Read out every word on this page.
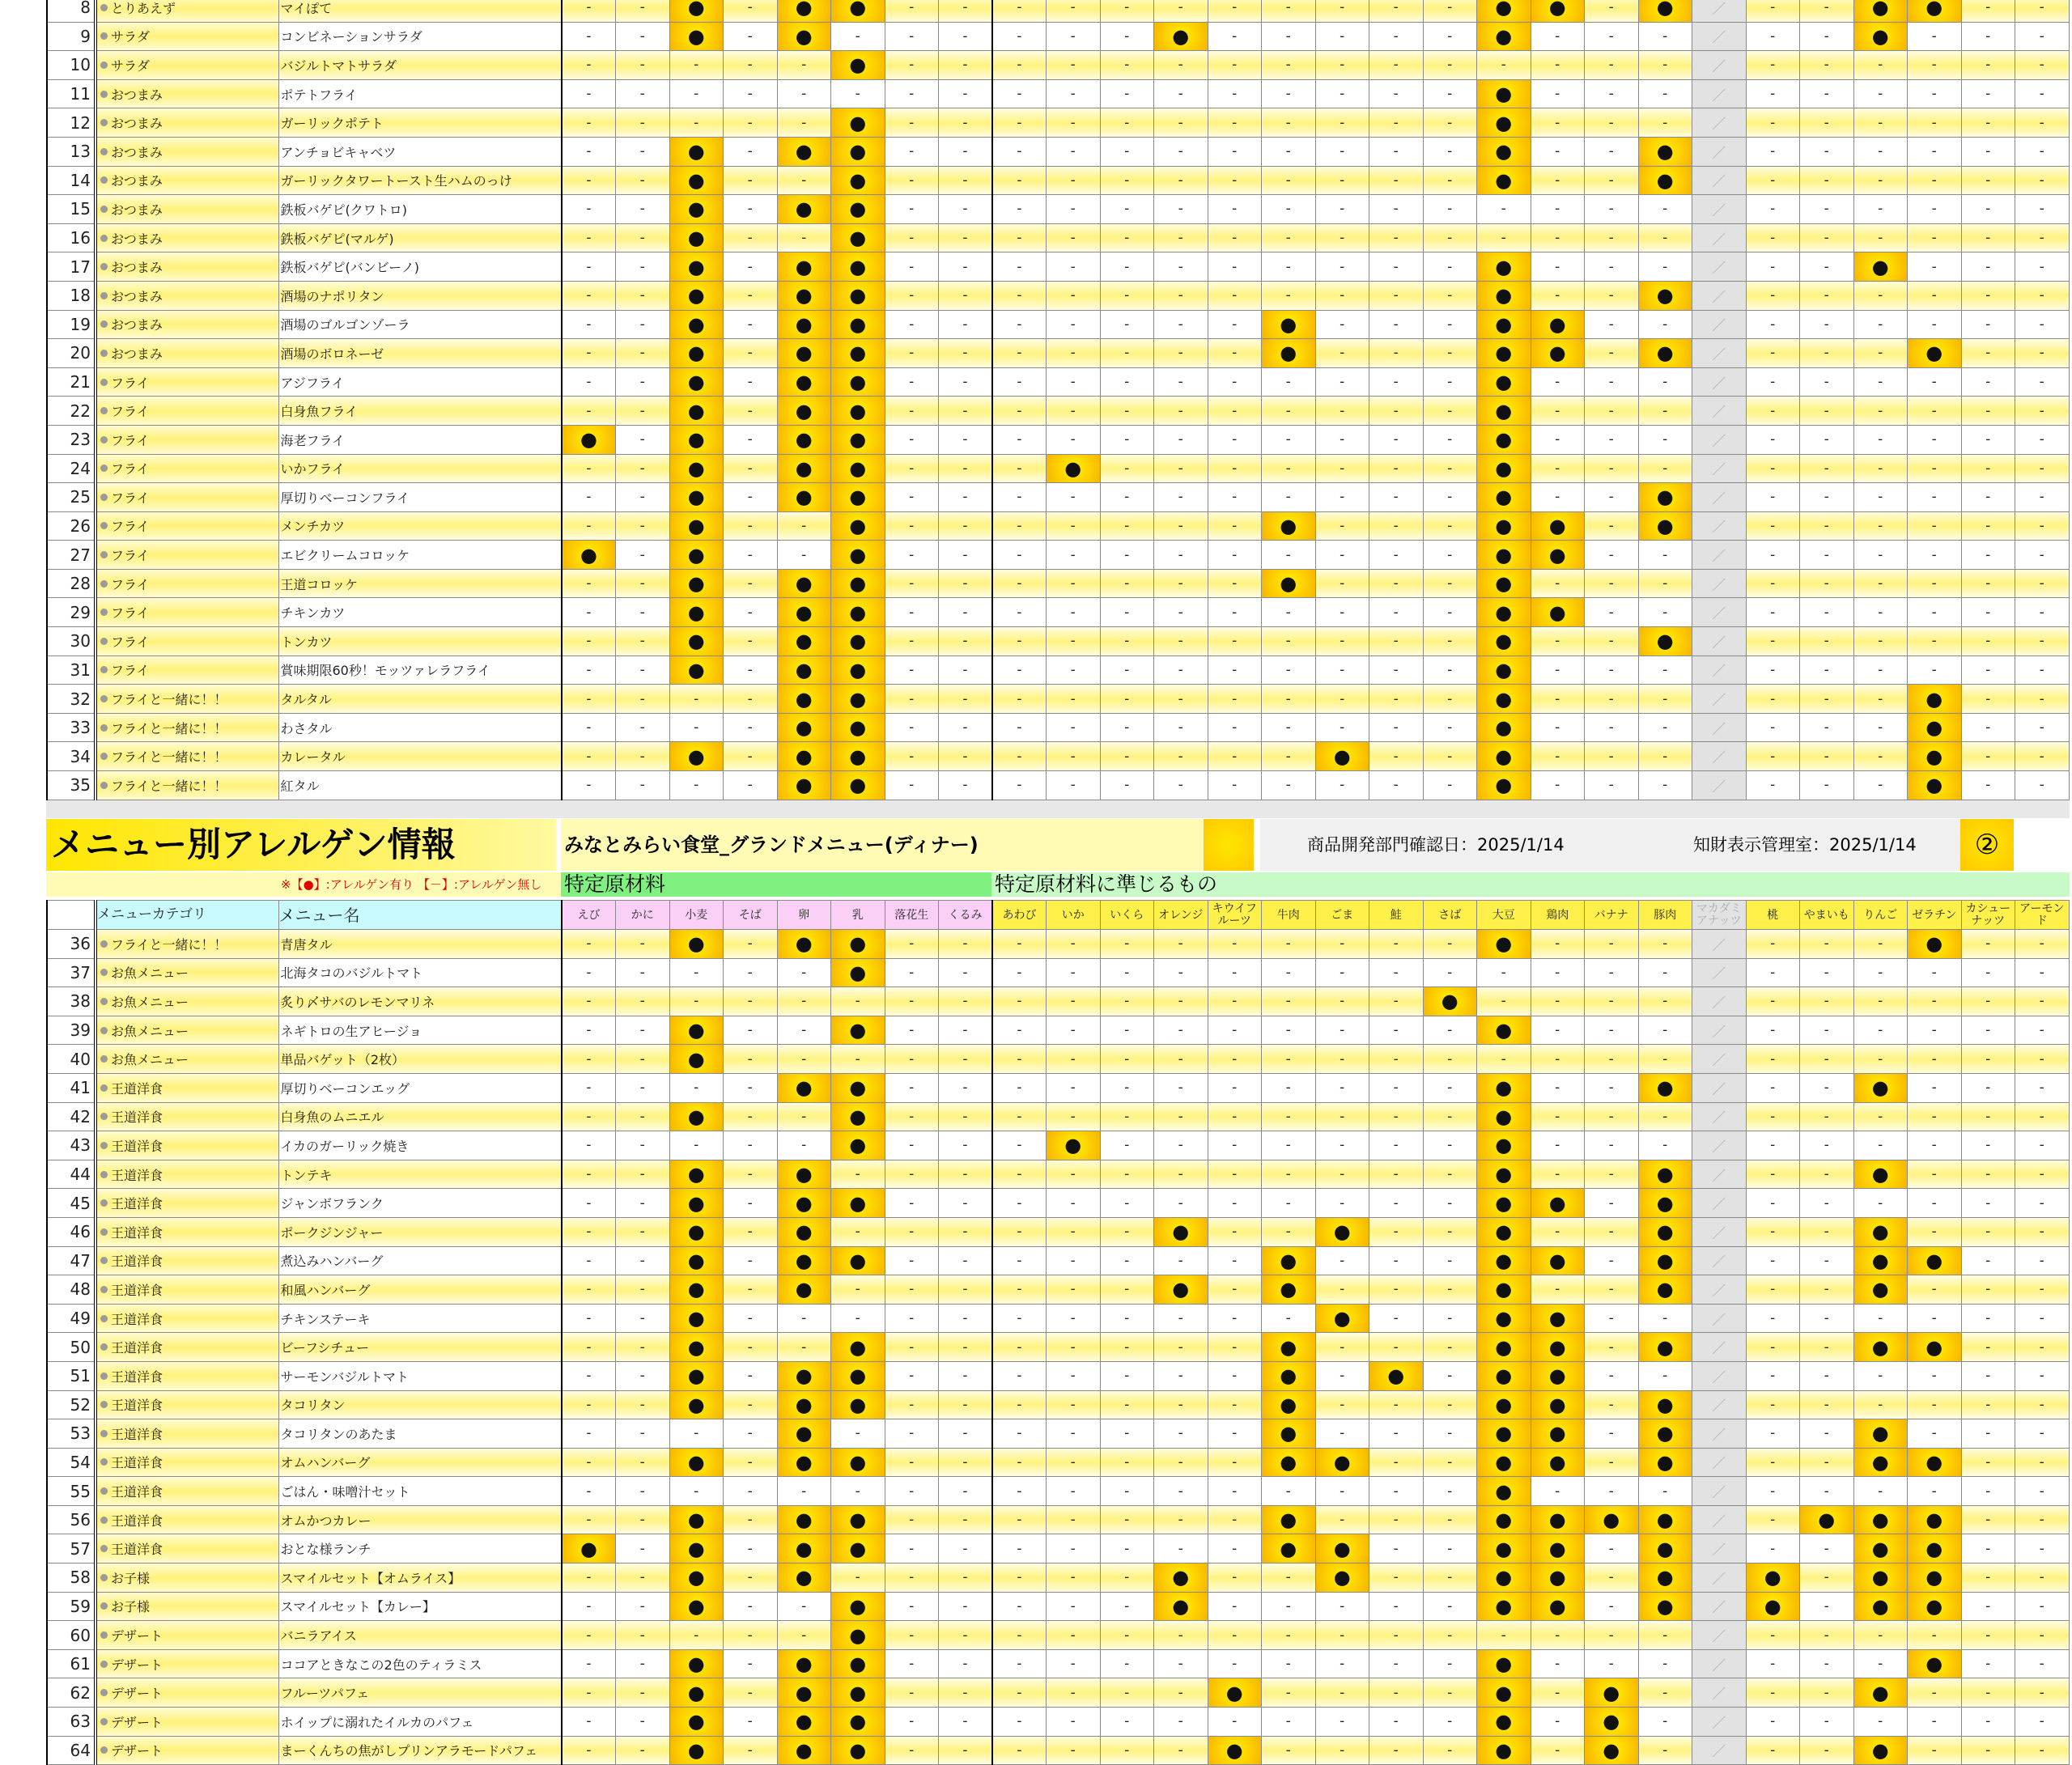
8	とりあえず	マイぽて	-	-	●	-	●	●	-	-	-	-	-	-	-	-	-	-	-	●	●	-	●	／	-	-	●	●	-	-
9	サラダ	コンビネーションサラダ	-	-	●	-	●	-	-	-	-	-	-	●	-	-	-	-	-	●	-	-	-	／	-	-	●	-	-	-
10	サラダ	バジルトマトサラダ	-	-	-	-	-	●	-	-	-	-	-	-	-	-	-	-	-	-	-	-	-	／	-	-	-	-	-	-
11	おつまみ	ポテトフライ	-	-	-	-	-	-	-	-	-	-	-	-	-	-	-	-	-	●	-	-	-	／	-	-	-	-	-	-
12	おつまみ	ガーリックポテト	-	-	-	-	-	●	-	-	-	-	-	-	-	-	-	-	-	●	-	-	-	／	-	-	-	-	-	-
13	おつまみ	アンチョビキャベツ	-	-	●	-	●	●	-	-	-	-	-	-	-	-	-	-	-	●	-	-	●	／	-	-	-	-	-	-
14	おつまみ	ガーリックタワートースト生ハムのっけ	-	-	●	-	-	●	-	-	-	-	-	-	-	-	-	-	-	●	-	-	●	／	-	-	-	-	-	-
15	おつまみ	鉄板バゲピ(クワトロ)	-	-	●	-	●	●	-	-	-	-	-	-	-	-	-	-	-	-	-	-	-	／	-	-	-	-	-	-
16	おつまみ	鉄板バゲピ(マルゲ)	-	-	●	-	-	●	-	-	-	-	-	-	-	-	-	-	-	-	-	-	-	／	-	-	-	-	-	-
17	おつまみ	鉄板バゲピ(バンビーノ)	-	-	●	-	●	●	-	-	-	-	-	-	-	-	-	-	-	●	-	-	-	／	-	-	●	-	-	-
18	おつまみ	酒場のナポリタン	-	-	●	-	●	●	-	-	-	-	-	-	-	-	-	-	-	●	-	-	●	／	-	-	-	-	-	-
19	おつまみ	酒場のゴルゴンゾーラ	-	-	●	-	●	●	-	-	-	-	-	-	-	●	-	-	-	●	●	-	-	／	-	-	-	-	-	-
20	おつまみ	酒場のボロネーゼ	-	-	●	-	●	●	-	-	-	-	-	-	-	●	-	-	-	●	●	-	●	／	-	-	-	●	-	-
21	フライ	アジフライ	-	-	●	-	●	●	-	-	-	-	-	-	-	-	-	-	-	●	-	-	-	／	-	-	-	-	-	-
22	フライ	白身魚フライ	-	-	●	-	●	●	-	-	-	-	-	-	-	-	-	-	-	●	-	-	-	／	-	-	-	-	-	-
23	フライ	海老フライ	●	-	●	-	●	●	-	-	-	-	-	-	-	-	-	-	-	●	-	-	-	／	-	-	-	-	-	-
24	フライ	いかフライ	-	-	●	-	●	●	-	-	-	●	-	-	-	-	-	-	-	●	-	-	-	／	-	-	-	-	-	-
25	フライ	厚切りベーコンフライ	-	-	●	-	●	●	-	-	-	-	-	-	-	-	-	-	-	●	-	-	●	／	-	-	-	-	-	-
26	フライ	メンチカツ	-	-	●	-	-	●	-	-	-	-	-	-	-	●	-	-	-	●	●	-	●	／	-	-	-	-	-	-
27	フライ	エビクリームコロッケ	●	-	●	-	-	●	-	-	-	-	-	-	-	-	-	-	-	●	●	-	-	／	-	-	-	-	-	-
28	フライ	王道コロッケ	-	-	●	-	●	●	-	-	-	-	-	-	-	●	-	-	-	●	-	-	-	／	-	-	-	-	-	-
29	フライ	チキンカツ	-	-	●	-	●	●	-	-	-	-	-	-	-	-	-	-	-	●	●	-	-	／	-	-	-	-	-	-
30	フライ	トンカツ	-	-	●	-	●	●	-	-	-	-	-	-	-	-	-	-	-	●	-	-	●	／	-	-	-	-	-	-
31	フライ	賞味期限60秒！モッツァレラフライ	-	-	●	-	●	●	-	-	-	-	-	-	-	-	-	-	-	●	-	-	-	／	-	-	-	-	-	-
32	フライと一緒に！！	タルタル	-	-	-	-	●	●	-	-	-	-	-	-	-	-	-	-	-	●	-	-	-	／	-	-	-	●	-	-
33	フライと一緒に！！	わさタル	-	-	-	-	●	●	-	-	-	-	-	-	-	-	-	-	-	●	-	-	-	／	-	-	-	●	-	-
34	フライと一緒に！！	カレータル	-	-	●	-	●	●	-	-	-	-	-	-	-	-	●	-	-	●	-	-	-	／	-	-	-	●	-	-
35	フライと一緒に！！	紅タル	-	-	-	-	●	●	-	-	-	-	-	-	-	-	-	-	-	●	-	-	-	／	-	-	-	●	-	-
メニュー別アレルゲン情報	みなとみらい食堂_グランドメニュー(ディナー)	商品開発部門確認日：2025/1/14	知財表示管理室：2025/1/14	②
※【●】:アレルゲン有り 【－】:アレルゲン無し	特定原材料	特定原材料に準じるもの
	メニューカテゴリ	メニュー名	えび	かに	小麦	そば	卵	乳	落花生	くるみ	あわび	いか	いくら	オレンジ	キウイフルーツ	牛肉	ごま	鮭	さば	大豆	鶏肉	バナナ	豚肉	マカダミアナッツ	桃	やまいも	りんご	ゼラチン	カシューナッツ	アーモンド
36	フライと一緒に！！	青唐タル	-	-	●	-	●	●	-	-	-	-	-	-	-	-	-	-	-	●	-	-	-	／	-	-	-	●	-	-
37	お魚メニュー	北海タコのバジルトマト	-	-	-	-	-	●	-	-	-	-	-	-	-	-	-	-	-	-	-	-	-	／	-	-	-	-	-	-
38	お魚メニュー	炙り〆サバのレモンマリネ	-	-	-	-	-	-	-	-	-	-	-	-	-	-	-	-	●	-	-	-	-	／	-	-	-	-	-	-
39	お魚メニュー	ネギトロの生アヒージョ	-	-	●	-	-	●	-	-	-	-	-	-	-	-	-	-	-	●	-	-	-	／	-	-	-	-	-	-
40	お魚メニュー	単品バゲット（2枚）	-	-	●	-	-	-	-	-	-	-	-	-	-	-	-	-	-	-	-	-	-	／	-	-	-	-	-	-
41	王道洋食	厚切りベーコンエッグ	-	-	-	-	●	●	-	-	-	-	-	-	-	-	-	-	-	●	-	-	●	／	-	-	●	-	-	-
42	王道洋食	白身魚のムニエル	-	-	●	-	-	●	-	-	-	-	-	-	-	-	-	-	-	●	-	-	-	／	-	-	-	-	-	-
43	王道洋食	イカのガーリック焼き	-	-	-	-	-	●	-	-	-	●	-	-	-	-	-	-	-	●	-	-	-	／	-	-	-	-	-	-
44	王道洋食	トンテキ	-	-	●	-	●	-	-	-	-	-	-	-	-	-	-	-	-	●	-	-	●	／	-	-	●	-	-	-
45	王道洋食	ジャンボフランク	-	-	●	-	●	●	-	-	-	-	-	-	-	-	-	-	-	●	●	-	●	／	-	-	-	-	-	-
46	王道洋食	ポークジンジャー	-	-	●	-	●	-	-	-	-	-	-	●	-	-	●	-	-	●	-	-	●	／	-	-	●	-	-	-
47	王道洋食	煮込みハンバーグ	-	-	●	-	●	●	-	-	-	-	-	-	-	●	-	-	-	●	●	-	●	／	-	-	●	●	-	-
48	王道洋食	和風ハンバーグ	-	-	●	-	●	-	-	-	-	-	-	●	-	●	-	-	-	●	-	-	●	／	-	-	●	-	-	-
49	王道洋食	チキンステーキ	-	-	●	-	-	-	-	-	-	-	-	-	-	-	●	-	-	●	●	-	-	／	-	-	-	-	-	-
50	王道洋食	ビーフシチュー	-	-	●	-	-	●	-	-	-	-	-	-	-	●	-	-	-	●	●	-	●	／	-	-	●	●	-	-
51	王道洋食	サーモンバジルトマト	-	-	●	-	●	●	-	-	-	-	-	-	-	●	-	●	-	●	●	-	-	／	-	-	-	-	-	-
52	王道洋食	タコリタン	-	-	●	-	●	●	-	-	-	-	-	-	-	●	-	-	-	●	●	-	●	／	-	-	-	-	-	-
53	王道洋食	タコリタンのあたま	-	-	-	-	●	-	-	-	-	-	-	-	-	●	-	-	-	●	●	-	●	／	-	-	●	-	-	-
54	王道洋食	オムハンバーグ	-	-	●	-	●	●	-	-	-	-	-	-	-	●	●	-	-	●	●	-	●	／	-	-	●	●	-	-
55	王道洋食	ごはん・味噌汁セット	-	-	-	-	-	-	-	-	-	-	-	-	-	-	-	-	-	●	-	-	-	／	-	-	-	-	-	-
56	王道洋食	オムかつカレー	-	-	●	-	●	●	-	-	-	-	-	-	-	●	-	-	-	●	●	●	●	／	-	●	●	●	-	-
57	王道洋食	おとな様ランチ	●	-	●	-	●	●	-	-	-	-	-	-	-	●	●	-	-	●	●	-	●	／	-	-	●	●	-	-
58	お子様	スマイルセット【オムライス】	-	-	●	-	●	-	-	-	-	-	-	●	-	-	●	-	-	●	●	-	●	／	●	-	●	●	-	-
59	お子様	スマイルセット【カレー】	-	-	●	-	-	●	-	-	-	-	-	●	-	-	-	-	-	●	●	-	●	／	●	-	●	●	-	-
60	デザート	バニラアイス	-	-	-	-	-	●	-	-	-	-	-	-	-	-	-	-	-	-	-	-	-	／	-	-	-	-	-	-
61	デザート	ココアときなこの2色のティラミス	-	-	●	-	●	●	-	-	-	-	-	-	-	-	-	-	-	●	-	-	-	／	-	-	-	●	-	-
62	デザート	フルーツパフェ	-	-	●	-	●	●	-	-	-	-	-	-	●	-	-	-	-	●	-	●	-	／	-	-	●	-	-	-
63	デザート	ホイップに溺れたイルカのパフェ	-	-	●	-	●	●	-	-	-	-	-	-	-	-	-	-	-	●	-	●	-	／	-	-	-	-	-	-
64	デザート	まーくんちの焦がしプリンアラモードパフェ	-	-	●	-	●	●	-	-	-	-	-	-	●	-	-	-	-	●	-	●	-	／	-	-	●	-	-	-
